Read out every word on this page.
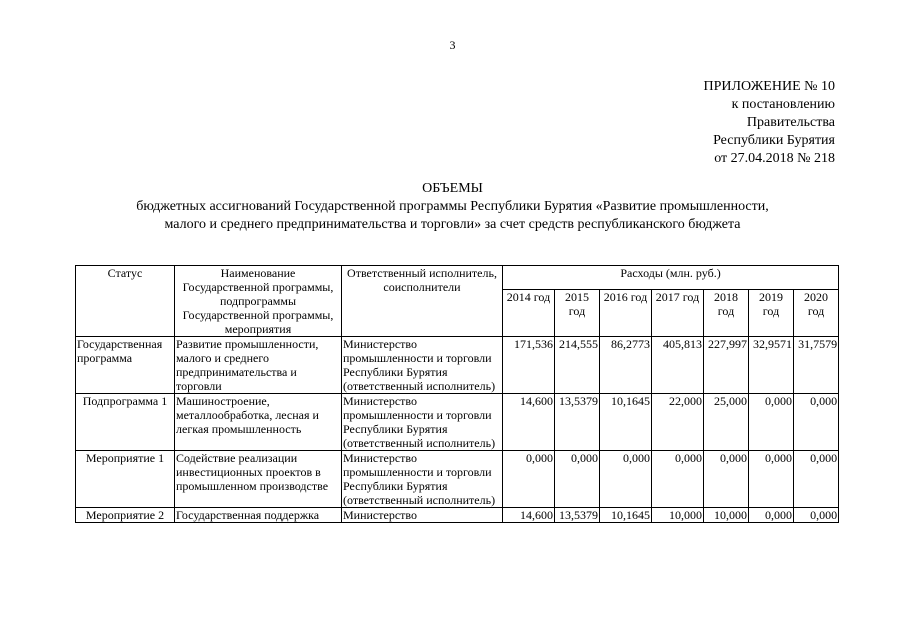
3
ПРИЛОЖЕНИЕ № 10
к постановлению
Правительства
Республики Бурятия
от 27.04.2018 № 218
ОБЪЕМЫ
бюджетных ассигнований Государственной программы Республики Бурятия «Развитие промышленности,
малого и среднего предпринимательства и торговли» за счет средств республиканского бюджета
Статус	Наименование Государственной программы, подпрограммы Государственной программы, мероприятия	Ответственный исполнитель, соисполнители	Расходы (млн. руб.)						
			2014 год	2015 год	2016 год	2017 год	2018 год	2019 год	2020 год
Государственная программа	Развитие промышленности, малого и среднего предпринимательства и торговли	Министерство промышленности и торговли Республики Бурятия (ответственный исполнитель)	171,536	214,555	86,2773	405,813	227,997	32,9571	31,7579
Подпрограмма 1	Машиностроение, металлообработка, лесная и легкая промышленность	Министерство промышленности и торговли Республики Бурятия (ответственный исполнитель)	14,600	13,5379	10,1645	22,000	25,000	0,000	0,000
Мероприятие 1	Содействие реализации инвестиционных проектов в промышленном производстве	Министерство промышленности и торговли Республики Бурятия (ответственный исполнитель)	0,000	0,000	0,000	0,000	0,000	0,000	0,000
Мероприятие 2	Государственная поддержка	Министерство	14,600	13,5379	10,1645	10,000	10,000	0,000	0,000
